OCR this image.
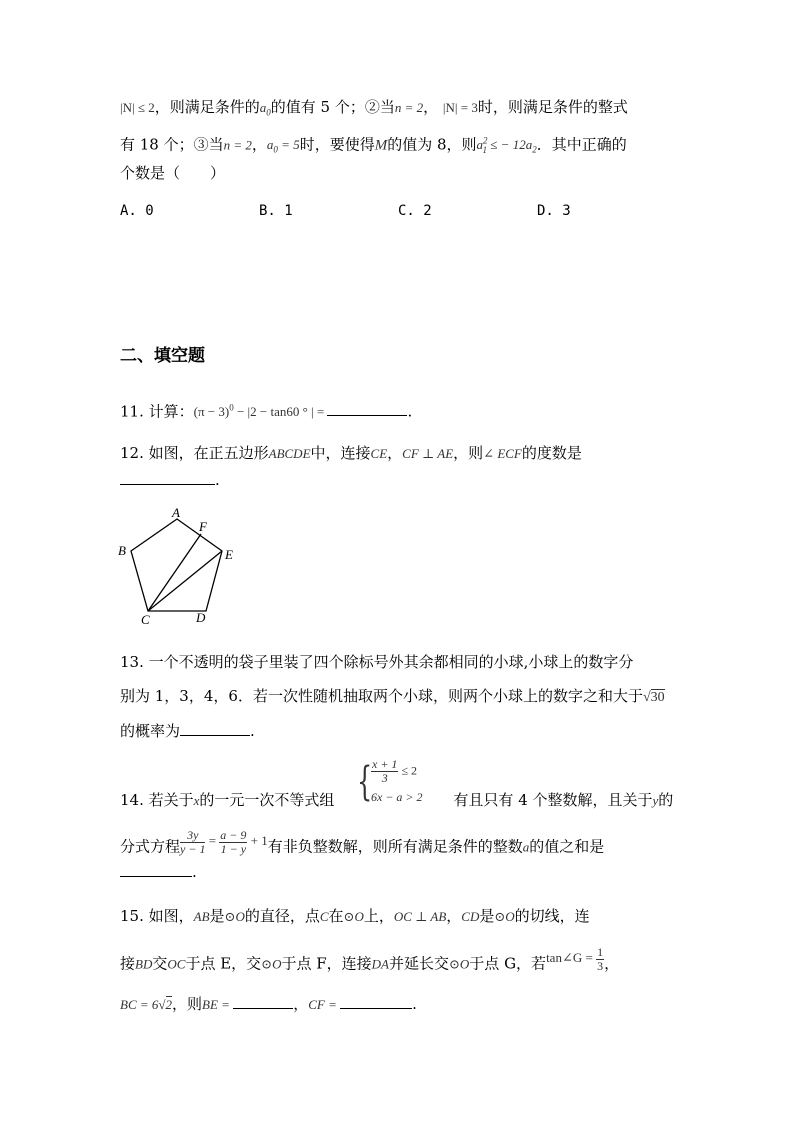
|N| ≤ 2，则满足条件的$a_0$的值有 5 个；②当n = 2， |N| = 3时，则满足条件的整式
有 18 个；③当n = 2，$a_0 = 5$时，要使得M的值为 8，则$a^2_1$ ≤ − $12a_2$．其中正确的
个数是（　　）
A. 0	B. 1	C. 2	D. 3
二、填空题
11. 计算：$(\pi - 3)^0 - |2 - \tan 60$ ° | =	.
12. 如图，在正五边形ABCDE中，连接CE，CF ⊥ AE，则∠ ECF的度数是
.
A
B
C	D
E
F
13. 一个不透明的袋子里装了四个除标号外其余都相同的小球,小球上的数字分
别为 1，3，4，6．若一次性随机抽取两个小球，则两个小球上的数字之和大于√30
的概率为	.
{
$\frac{x + 1}{3} \le 2$
6x − a > 2
14. 若关于x的一元一次不等式组	有且只有 4 个整数解，且关于y的
分式方程 $\frac{3y}{y - 1} = \frac{a - 9}{1 - y} + 1$有非负整数解，则所有满足条件的整数a的值之和是
.
15. 如图，AB是⊙O的直径，点C在⊙O上，OC ⊥ AB，CD是⊙O的切线，连
接BD交OC于点 E，交⊙O于点 F，连接DA并延长交⊙O于点 G，若tan∠G = $\frac{1}{3}$ ，
BC = 6√2，则BE =	，CF =	.
